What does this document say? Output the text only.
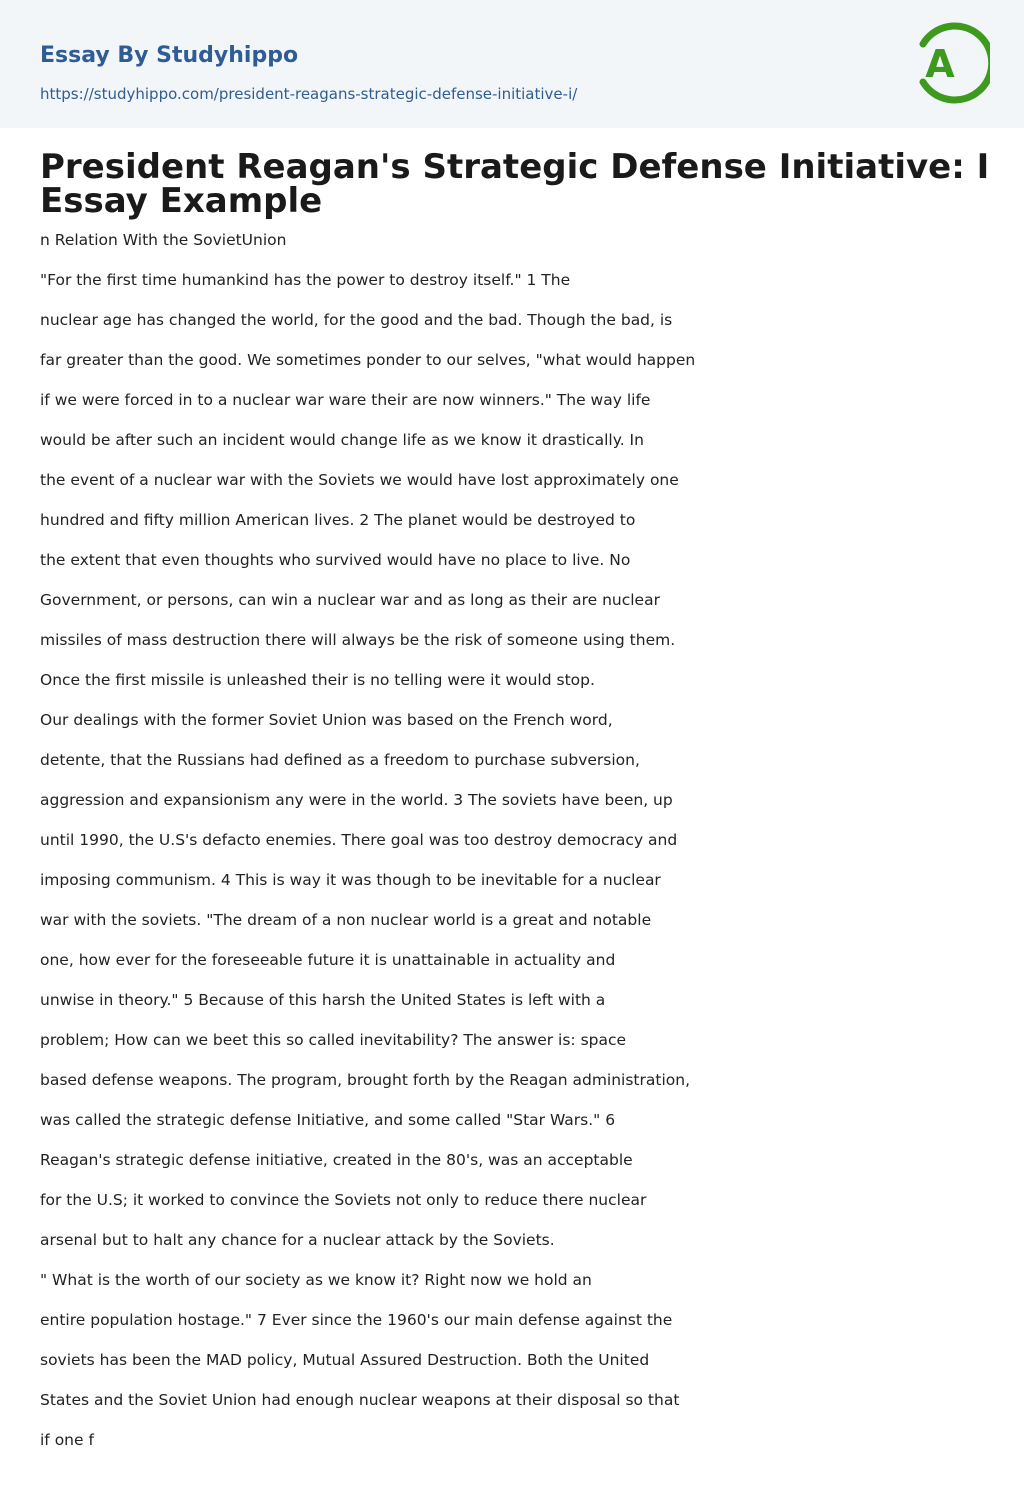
Essay By Studyhippo
https://studyhippo.com/president-reagans-strategic-defense-initiative-i/
A
President Reagan's Strategic Defense Initiative: I Essay Example

n Relation With the SovietUnion

"For the first time humankind has the power to destroy itself." 1 The

nuclear age has changed the world, for the good and the bad. Though the bad, is

far greater than the good. We sometimes ponder to our selves, "what would happen

if we were forced in to a nuclear war ware their are now winners." The way life

would be after such an incident would change life as we know it drastically. In

the event of a nuclear war with the Soviets we would have lost approximately one

hundred and fifty million American lives. 2 The planet would be destroyed to

the extent that even thoughts who survived would have no place to live. No

Government, or persons, can win a nuclear war and as long as their are nuclear

missiles of mass destruction there will always be the risk of someone using them.

Once the first missile is unleashed their is no telling were it would stop.

Our dealings with the former Soviet Union was based on the French word,

detente, that the Russians had defined as a freedom to purchase subversion,

aggression and expansionism any were in the world. 3 The soviets have been, up

until 1990, the U.S's defacto enemies. There goal was too destroy democracy and

imposing communism. 4 This is way it was though to be inevitable for a nuclear

war with the soviets. "The dream of a non nuclear world is a great and notable

one, how ever for the foreseeable future it is unattainable in actuality and

unwise in theory." 5 Because of this harsh the United States is left with a

problem; How can we beet this so called inevitability? The answer is: space

based defense weapons. The program, brought forth by the Reagan administration,

was called the strategic defense Initiative, and some called "Star Wars." 6

Reagan's strategic defense initiative, created in the 80's, was an acceptable

for the U.S; it worked to convince the Soviets not only to reduce there nuclear

arsenal but to halt any chance for a nuclear attack by the Soviets.

" What is the worth of our society as we know it? Right now we hold an

entire population hostage." 7 Ever since the 1960's our main defense against the

soviets has been the MAD policy, Mutual Assured Destruction. Both the United

States and the Soviet Union had enough nuclear weapons at their disposal so that

if one f
